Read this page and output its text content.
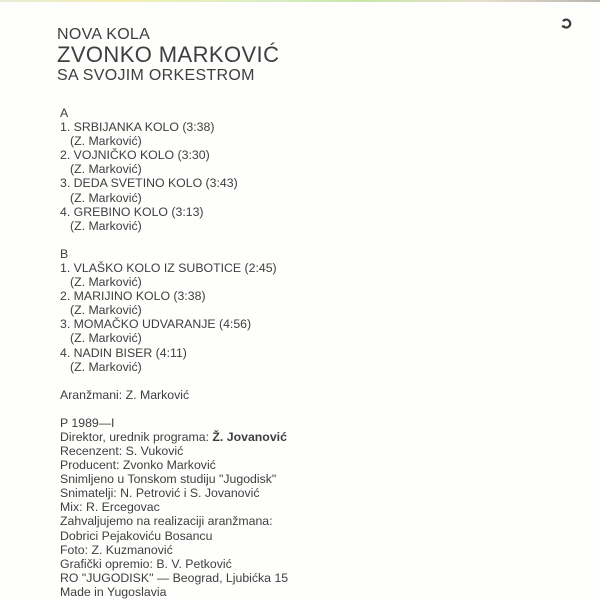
NOVA KOLA
ZVONKO MARKOVIĆ
SA SVOJIM ORKESTROM
A
1. SRBIJANKA KOLO (3:38)
(Z. Marković)
2. VOJNIČKO KOLO (3:30)
(Z. Marković)
3. DEDA SVETINO KOLO (3:43)
(Z. Marković)
4. GREBINO KOLO (3:13)
(Z. Marković)
B
1. VLAŠKO KOLO IZ SUBOTICE (2:45)
(Z. Marković)
2. MARIJINO KOLO (3:38)
(Z. Marković)
3. MOMAČKO UDVARANJE (4:56)
(Z. Marković)
4. NADIN BISER (4:11)
(Z. Marković)
Aranžmani: Z. Marković
P 1989—I
Direktor, urednik programa: Ž. Jovanović
Recenzent: S. Vuković
Producent: Zvonko Marković
Snimljeno u Tonskom studiju "Jugodisk"
Snimatelji: N. Petrović i S. Jovanović
Mix: R. Ercegovac
Zahvaljujemo na realizaciji aranžmana:
Dobrici Pejakoviću Bosancu
Foto: Z. Kuzmanović
Grafički opremio: B. V. Petković
RO "JUGODISK" — Beograd, Ljubićka 15
Made in Yugoslavia
